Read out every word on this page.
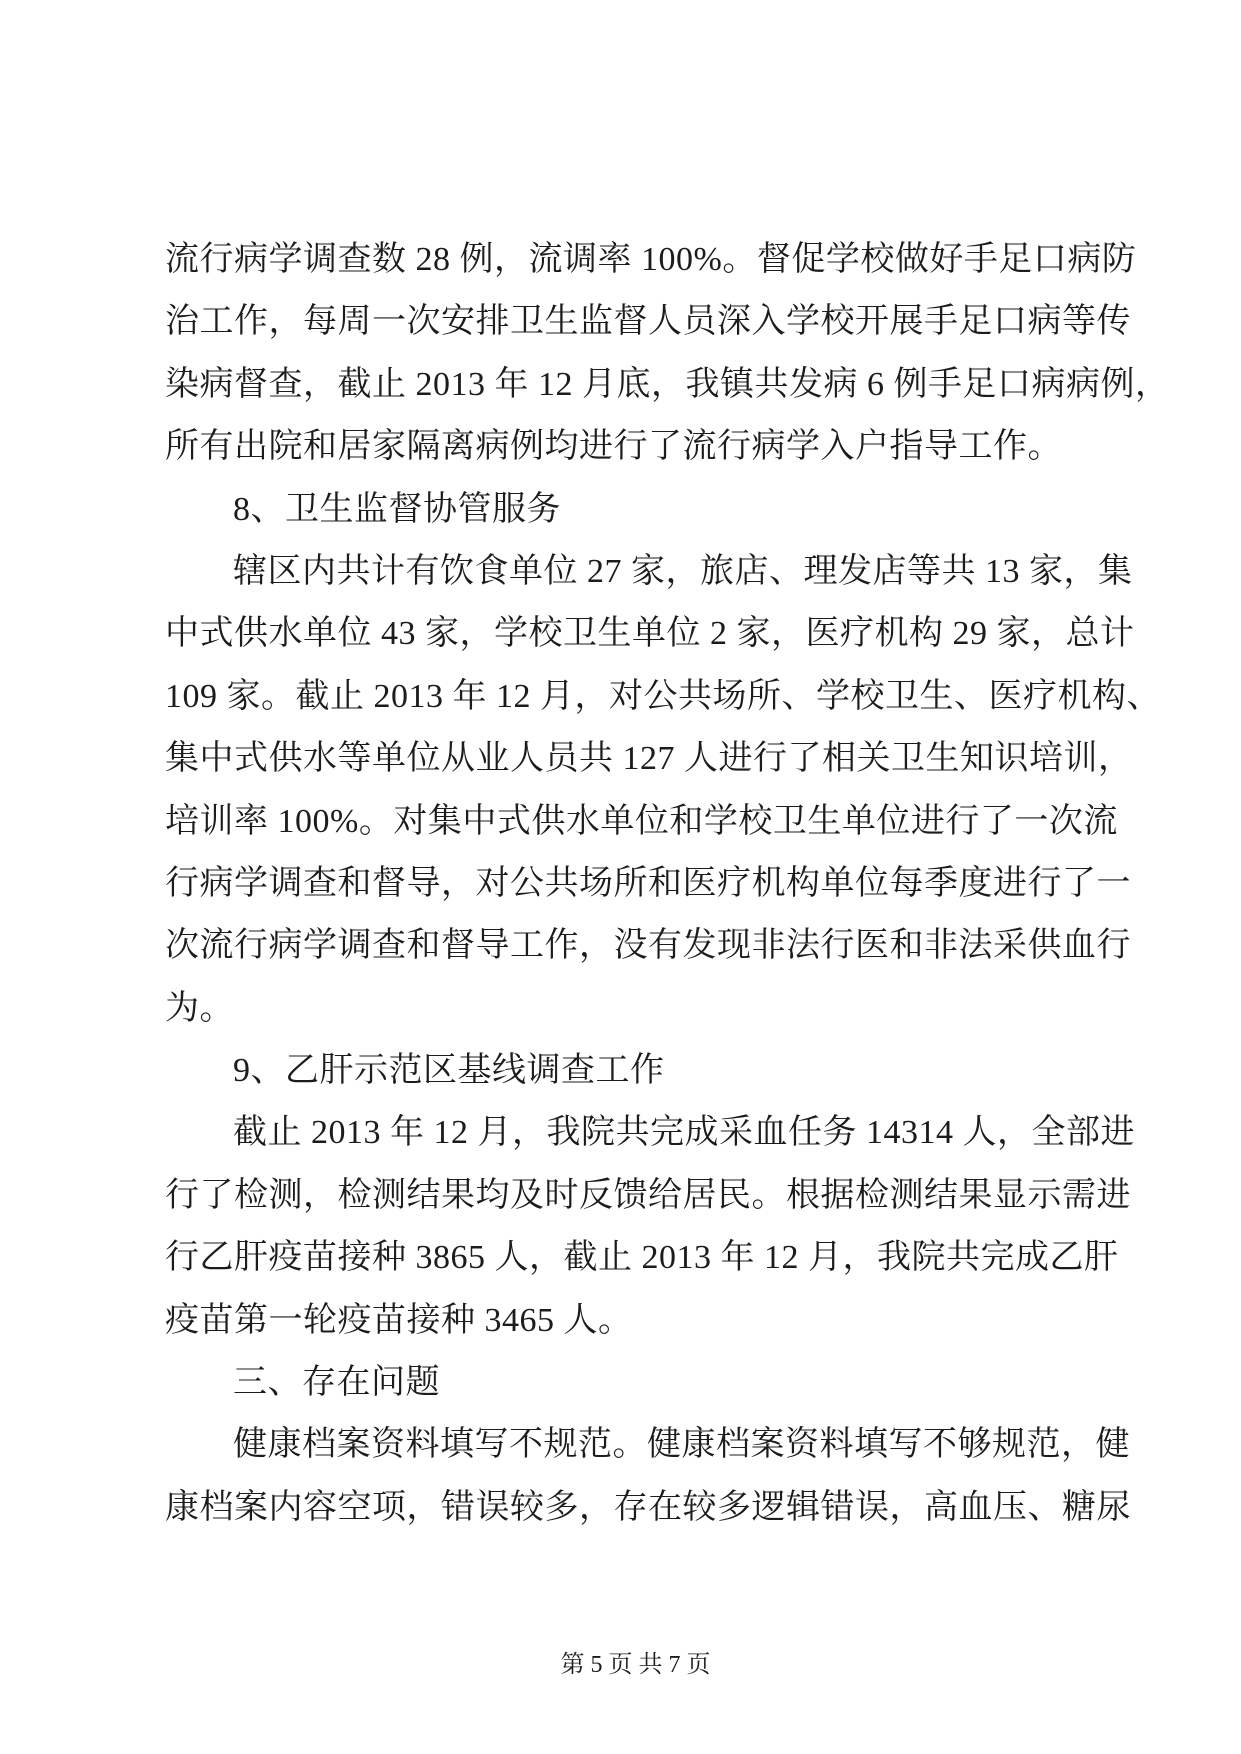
流行病学调查数 28 例，流调率 100%。督促学校做好手足口病防
治工作，每周一次安排卫生监督人员深入学校开展手足口病等传
染病督查，截止 2013 年 12 月底，我镇共发病 6 例手足口病病例，
所有出院和居家隔离病例均进行了流行病学入户指导工作。
8、卫生监督协管服务
辖区内共计有饮食单位 27 家，旅店、理发店等共 13 家，集
中式供水单位 43 家，学校卫生单位 2 家，医疗机构 29 家，总计
109 家。截止 2013 年 12 月，对公共场所、学校卫生、医疗机构、
集中式供水等单位从业人员共 127 人进行了相关卫生知识培训，
培训率 100%。对集中式供水单位和学校卫生单位进行了一次流
行病学调查和督导，对公共场所和医疗机构单位每季度进行了一
次流行病学调查和督导工作，没有发现非法行医和非法采供血行
为。
9、乙肝示范区基线调查工作
截止 2013 年 12 月，我院共完成采血任务 14314 人，全部进
行了检测，检测结果均及时反馈给居民。根据检测结果显示需进
行乙肝疫苗接种 3865 人，截止 2013 年 12 月，我院共完成乙肝
疫苗第一轮疫苗接种 3465 人。
三、存在问题
健康档案资料填写不规范。健康档案资料填写不够规范，健
康档案内容空项，错误较多，存在较多逻辑错误，高血压、糖尿

第 5 页 共 7 页
